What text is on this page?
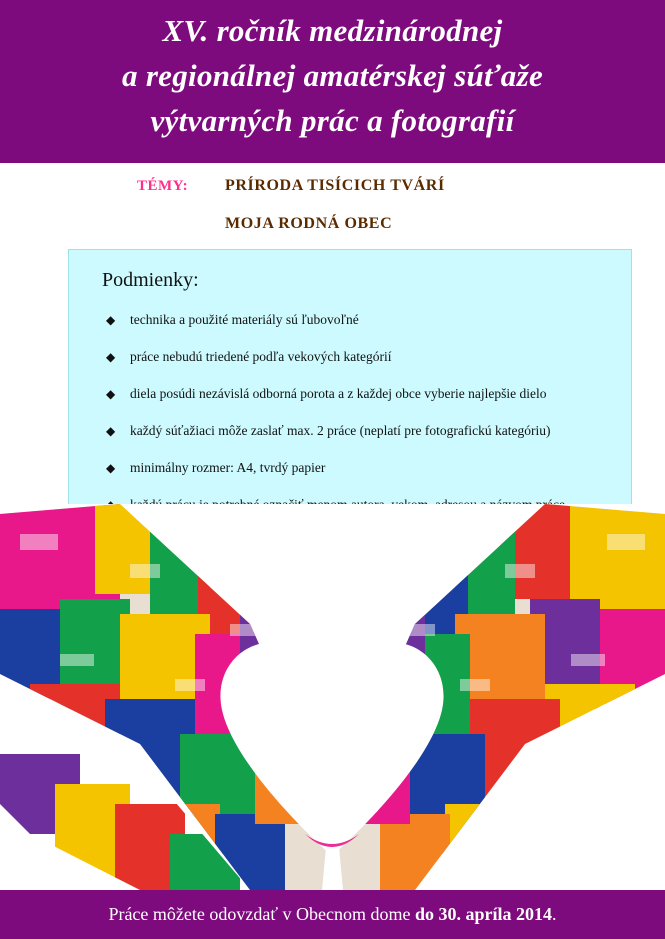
XV. ročník medzinárodnej
a regionálnej amatérskej súťaže
výtvarných prác a fotografií
TÉMY: PRÍRODA TISÍCICH TVÁRÍ
MOJA RODNÁ OBEC
Podmienky:
◆ technika a použité materiály sú ľubovoľné
◆ práce nebudú triedené podľa vekových kategórií
◆ diela posúdi nezávislá odborná porota a z každej obce vyberie najlepšie dielo
◆ každý súťažiaci môže zaslať max. 2 práce (neplatí pre fotografickú kategóriu)
◆ minimálny rozmer: A4, tvrdý papier
Práce môžete odovzdať v Obecnom dome do 30. apríla 2014.
